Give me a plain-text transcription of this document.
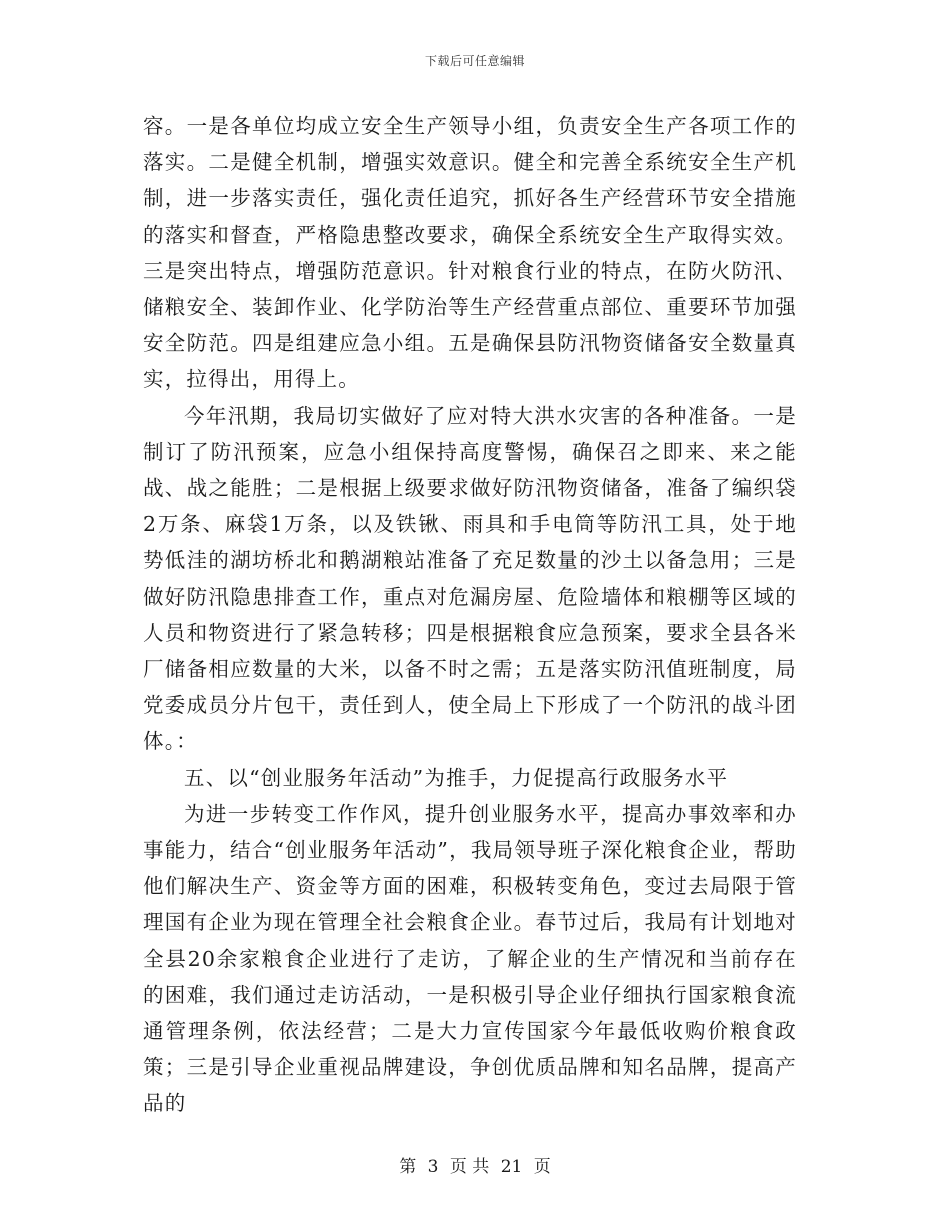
下载后可任意编辑

容。一是各单位均成立安全生产领导小组，负责安全生产各项工作的落实。二是健全机制，增强实效意识。健全和完善全系统安全生产机制，进一步落实责任，强化责任追究，抓好各生产经营环节安全措施的落实和督查，严格隐患整改要求，确保全系统安全生产取得实效。三是突出特点，增强防范意识。针对粮食行业的特点，在防火防汛、储粮安全、装卸作业、化学防治等生产经营重点部位、重要环节加强安全防范。四是组建应急小组。五是确保县防汛物资储备安全数量真实，拉得出，用得上。

今年汛期，我局切实做好了应对特大洪水灾害的各种准备。一是制订了防汛预案，应急小组保持高度警惕，确保召之即来、来之能战、战之能胜；二是根据上级要求做好防汛物资储备，准备了编织袋2万条、麻袋1万条，以及铁锹、雨具和手电筒等防汛工具，处于地势低洼的湖坊桥北和鹅湖粮站准备了充足数量的沙土以备急用；三是做好防汛隐患排查工作，重点对危漏房屋、危险墙体和粮棚等区域的人员和物资进行了紧急转移；四是根据粮食应急预案，要求全县各米厂储备相应数量的大米，以备不时之需；五是落实防汛值班制度，局党委成员分片包干，责任到人，使全局上下形成了一个防汛的战斗团体。：

五、以“创业服务年活动”为推手，力促提高行政服务水平

为进一步转变工作作风，提升创业服务水平，提高办事效率和办事能力，结合“创业服务年活动”，我局领导班子深化粮食企业，帮助他们解决生产、资金等方面的困难，积极转变角色，变过去局限于管理国有企业为现在管理全社会粮食企业。春节过后，我局有计划地对全县20余家粮食企业进行了走访，了解企业的生产情况和当前存在的困难，我们通过走访活动，一是积极引导企业仔细执行国家粮食流通管理条例，依法经营；二是大力宣传国家今年最低收购价粮食政策；三是引导企业重视品牌建设，争创优质品牌和知名品牌，提高产品的

第 3 页 共 21 页
